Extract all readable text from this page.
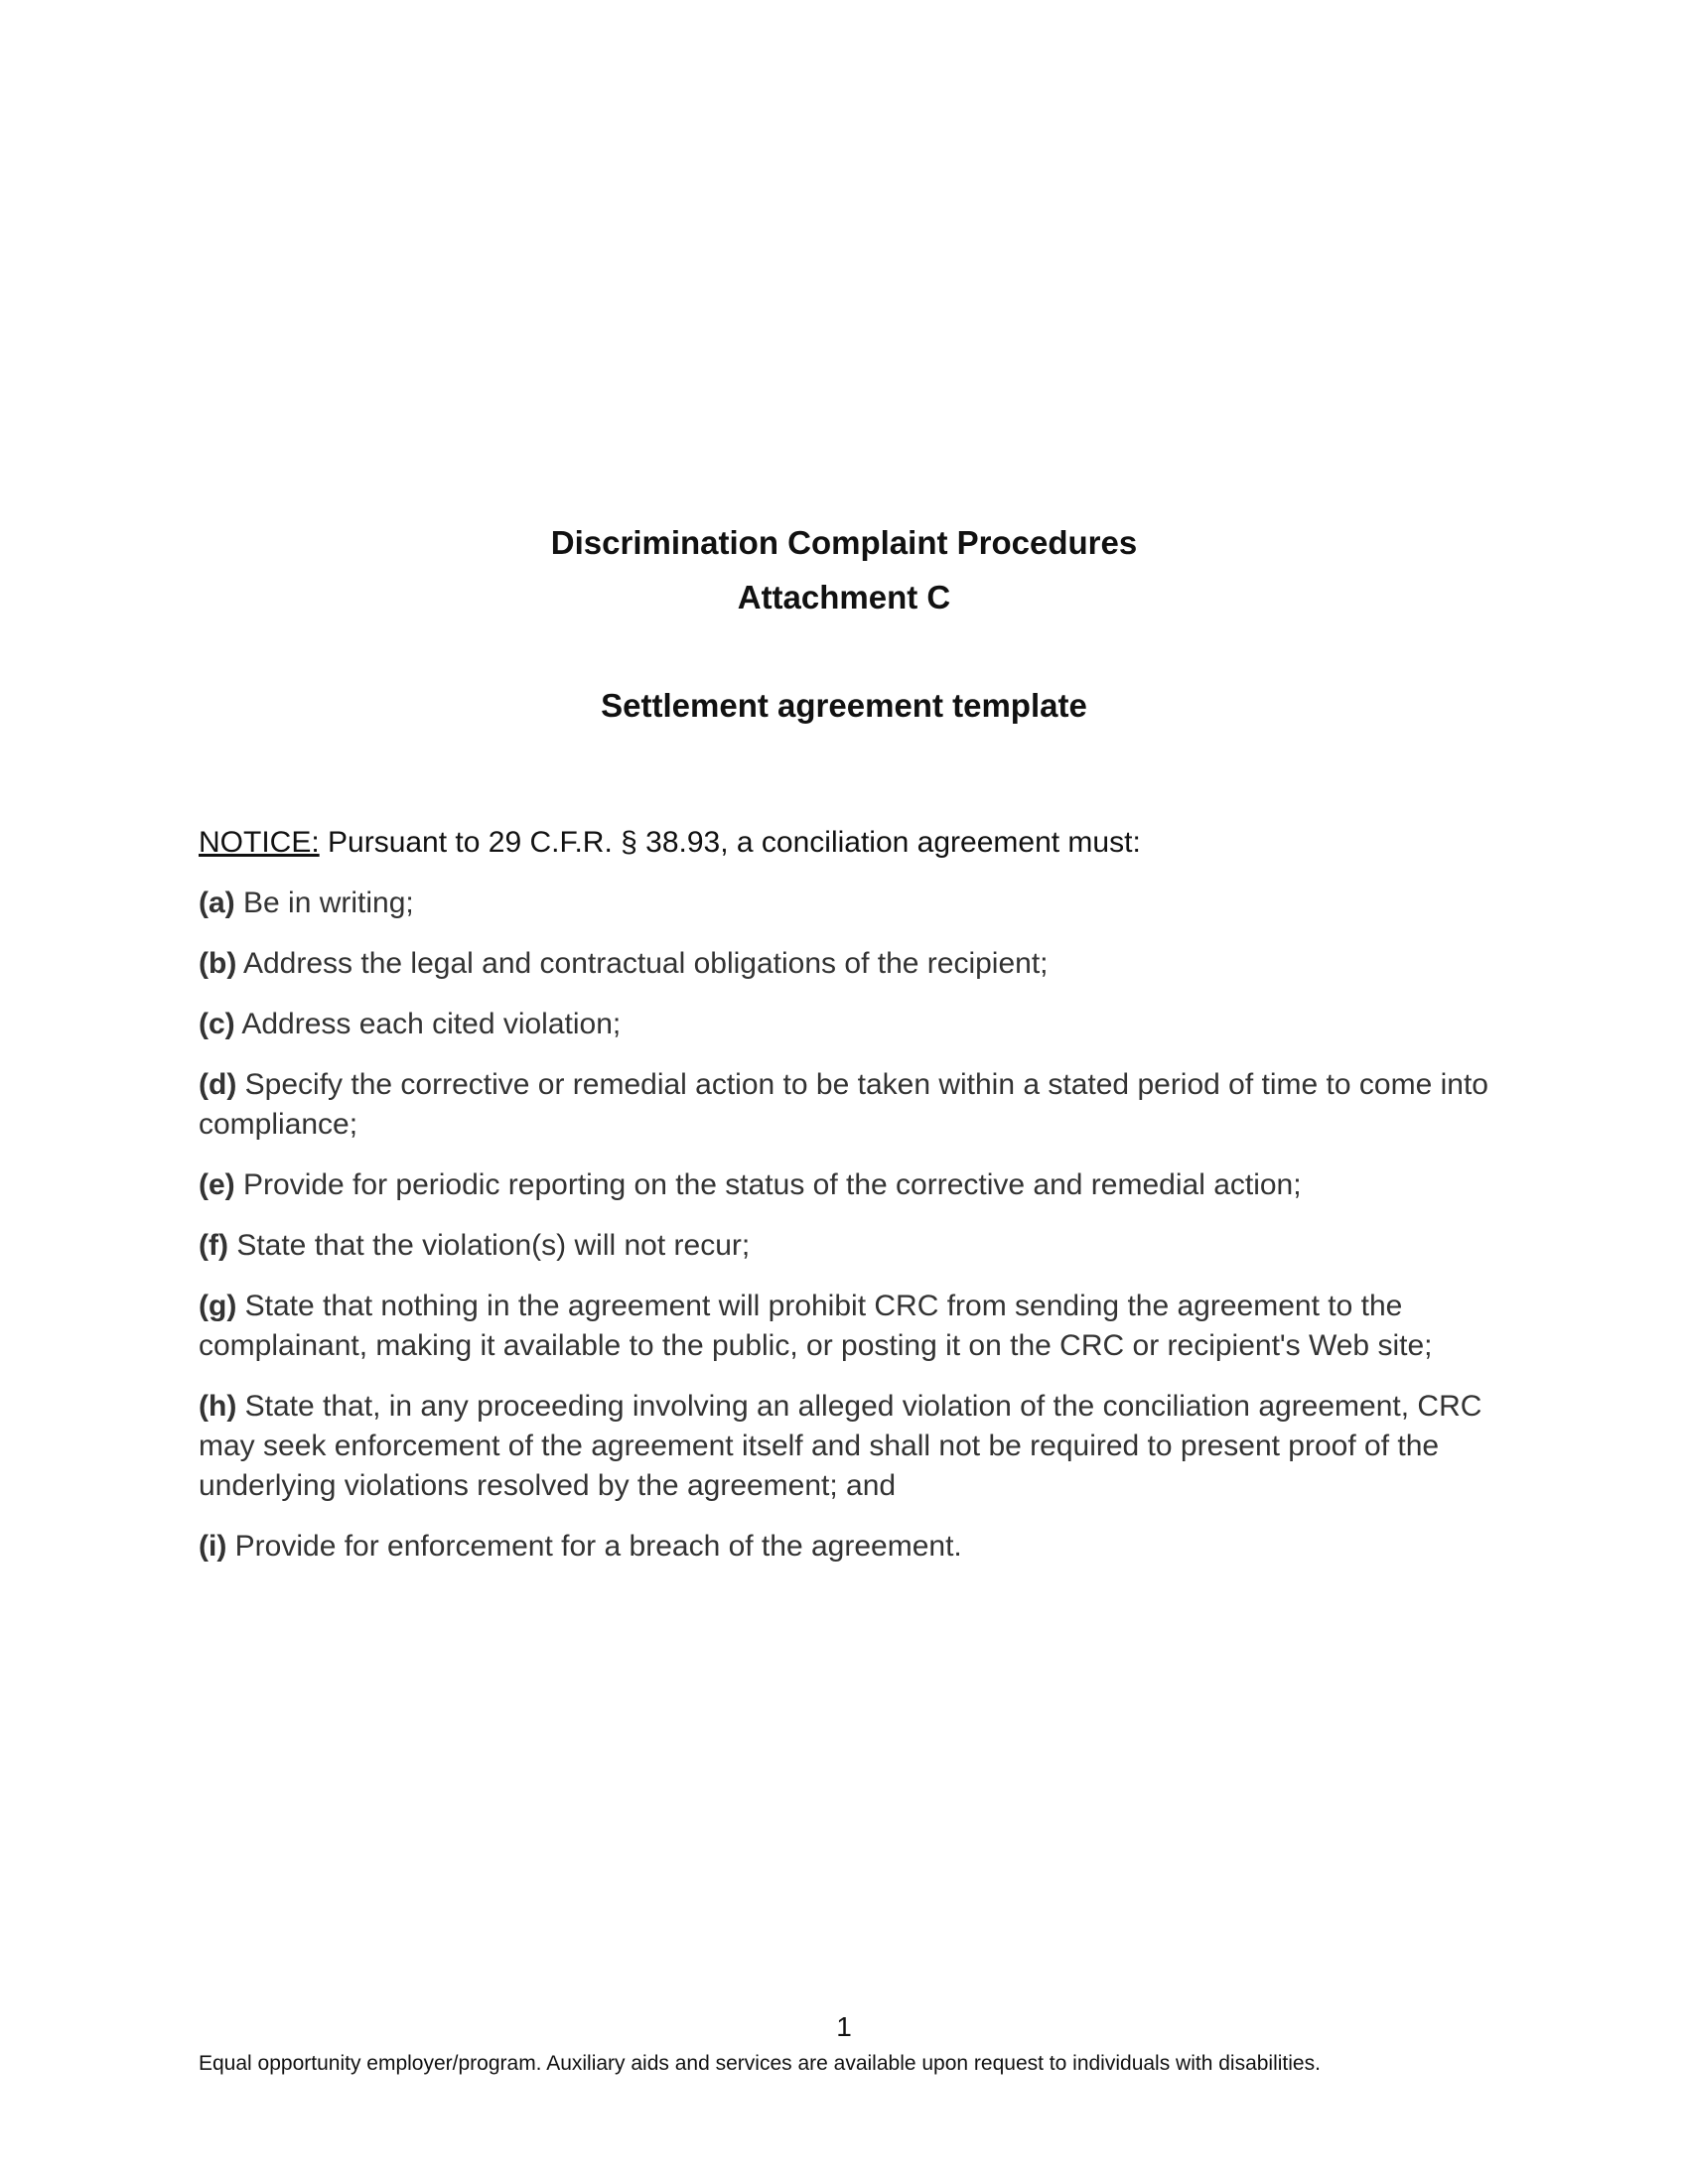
Discrimination Complaint Procedures
Attachment C
Settlement agreement template

NOTICE: Pursuant to 29 C.F.R. § 38.93, a conciliation agreement must:

(a) Be in writing;

(b) Address the legal and contractual obligations of the recipient;

(c) Address each cited violation;

(d) Specify the corrective or remedial action to be taken within a stated period of time to come into compliance;

(e) Provide for periodic reporting on the status of the corrective and remedial action;

(f) State that the violation(s) will not recur;

(g) State that nothing in the agreement will prohibit CRC from sending the agreement to the complainant, making it available to the public, or posting it on the CRC or recipient's Web site;

(h) State that, in any proceeding involving an alleged violation of the conciliation agreement, CRC may seek enforcement of the agreement itself and shall not be required to present proof of the underlying violations resolved by the agreement; and

(i) Provide for enforcement for a breach of the agreement.

1
Equal opportunity employer/program. Auxiliary aids and services are available upon request to individuals with disabilities.
